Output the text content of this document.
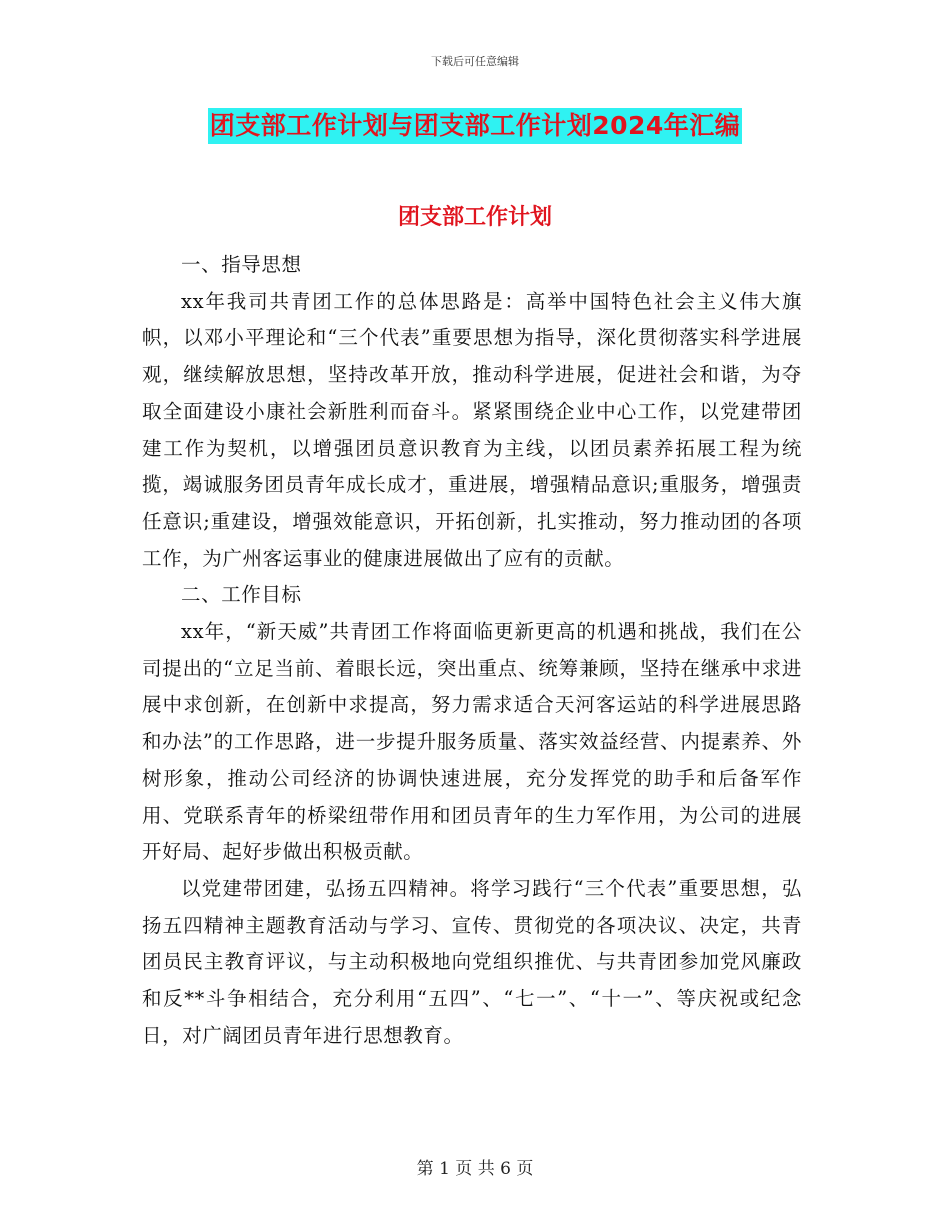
下载后可任意编辑
团支部工作计划与团支部工作计划2024年汇编
团支部工作计划

一、指导思想

xx年我司共青团工作的总体思路是：高举中国特色社会主义伟大旗帜，以邓小平理论和“三个代表”重要思想为指导，深化贯彻落实科学进展观，继续解放思想，坚持改革开放，推动科学进展，促进社会和谐，为夺取全面建设小康社会新胜利而奋斗。紧紧围绕企业中心工作，以党建带团建工作为契机，以增强团员意识教育为主线，以团员素养拓展工程为统揽，竭诚服务团员青年成长成才，重进展，增强精品意识;重服务，增强责任意识;重建设，增强效能意识，开拓创新，扎实推动，努力推动团的各项工作，为广州客运事业的健康进展做出了应有的贡献。

二、工作目标

xx年，“新天威”共青团工作将面临更新更高的机遇和挑战，我们在公司提出的“立足当前、着眼长远，突出重点、统筹兼顾，坚持在继承中求进展中求创新，在创新中求提高，努力需求适合天河客运站的科学进展思路和办法”的工作思路，进一步提升服务质量、落实效益经营、内提素养、外树形象，推动公司经济的协调快速进展，充分发挥党的助手和后备军作用、党联系青年的桥梁纽带作用和团员青年的生力军作用，为公司的进展开好局、起好步做出积极贡献。

以党建带团建，弘扬五四精神。将学习践行“三个代表”重要思想，弘扬五四精神主题教育活动与学习、宣传、贯彻党的各项决议、决定，共青团员民主教育评议，与主动积极地向党组织推优、与共青团参加党风廉政和反**斗争相结合，充分利用“五四”、“七一”、“十一”、等庆祝或纪念日，对广阔团员青年进行思想教育。

第 1 页 共 6 页
